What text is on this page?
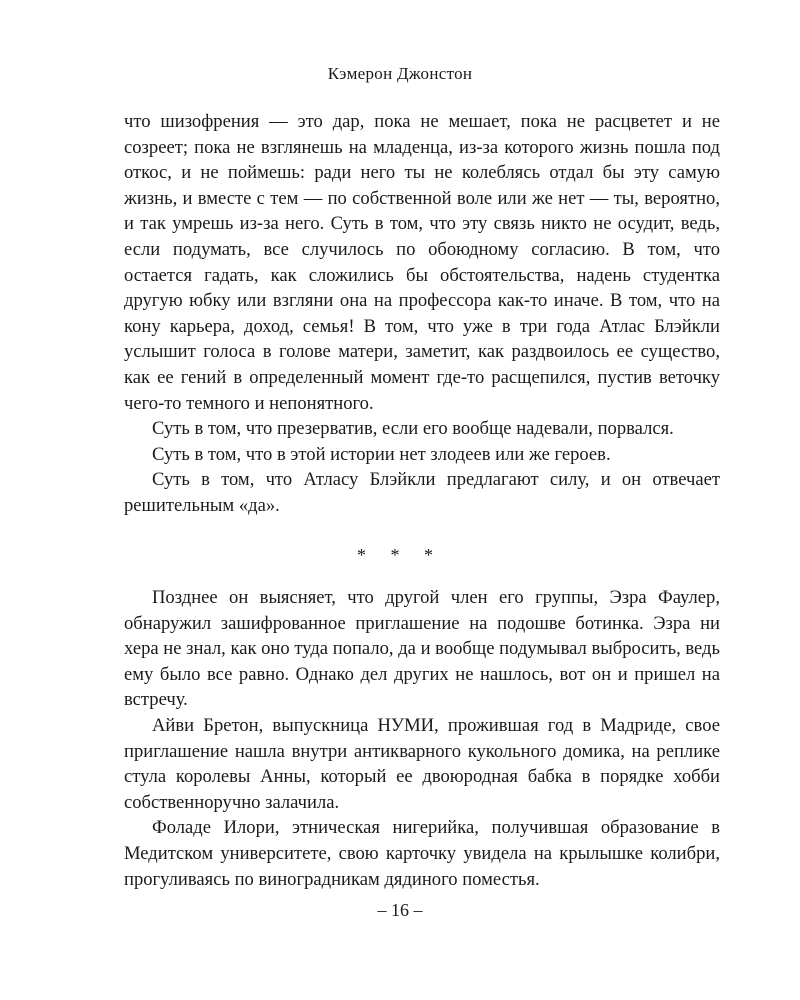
Кэмерон Джонстон

что шизофрения — это дар, пока не мешает, пока не расцветет и не созреет; пока не взглянешь на младенца, из-за которого жизнь пошла под откос, и не поймешь: ради него ты не колеблясь отдал бы эту самую жизнь, и вместе с тем — по собственной воле или же нет — ты, вероятно, и так умрешь из-за него. Суть в том, что эту связь никто не осудит, ведь, если подумать, все случилось по обоюдному согласию. В том, что остается гадать, как сложились бы обстоятельства, надень студентка другую юбку или взгляни она на профессора как-то иначе. В том, что на кону карьера, доход, семья! В том, что уже в три года Атлас Блэйкли услышит голоса в голове матери, заметит, как раздвоилось ее существо, как ее гений в определенный момент где-то расщепился, пустив веточку чего-то темного и непонятного.

Суть в том, что презерватив, если его вообще надевали, порвался.

Суть в том, что в этой истории нет злодеев или же героев.

Суть в том, что Атласу Блэйкли предлагают силу, и он отвечает решительным «да».

* * *

Позднее он выясняет, что другой член его группы, Эзра Фаулер, обнаружил зашифрованное приглашение на подошве ботинка. Эзра ни хера не знал, как оно туда попало, да и вообще подумывал выбросить, ведь ему было все равно. Однако дел других не нашлось, вот он и пришел на встречу.

Айви Бретон, выпускница НУМИ, прожившая год в Мадриде, свое приглашение нашла внутри антикварного кукольного домика, на реплике стула королевы Анны, который ее двоюродная бабка в порядке хобби собственноручно залачила.

Фоладе Илори, этническая нигерийка, получившая образование в Медитском университете, свою карточку увидела на крылышке колибри, прогуливаясь по виноградникам дядиного поместья.

– 16 –
